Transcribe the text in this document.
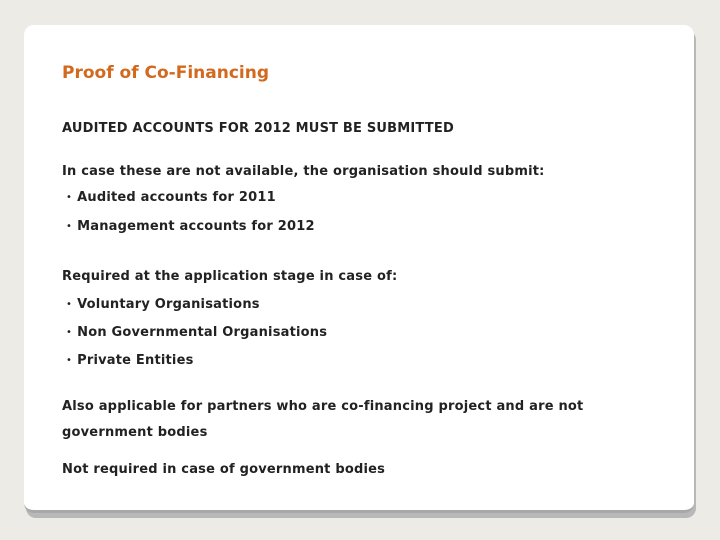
Proof of Co-Financing
AUDITED ACCOUNTS FOR 2012 MUST BE SUBMITTED
In case these are not available, the organisation should submit:
• Audited accounts for 2011
• Management accounts for 2012
Required at the application stage in case of:
• Voluntary Organisations
• Non Governmental Organisations
• Private Entities
Also applicable for partners who are co-financing project and are not
government bodies
Not required in case of government bodies
